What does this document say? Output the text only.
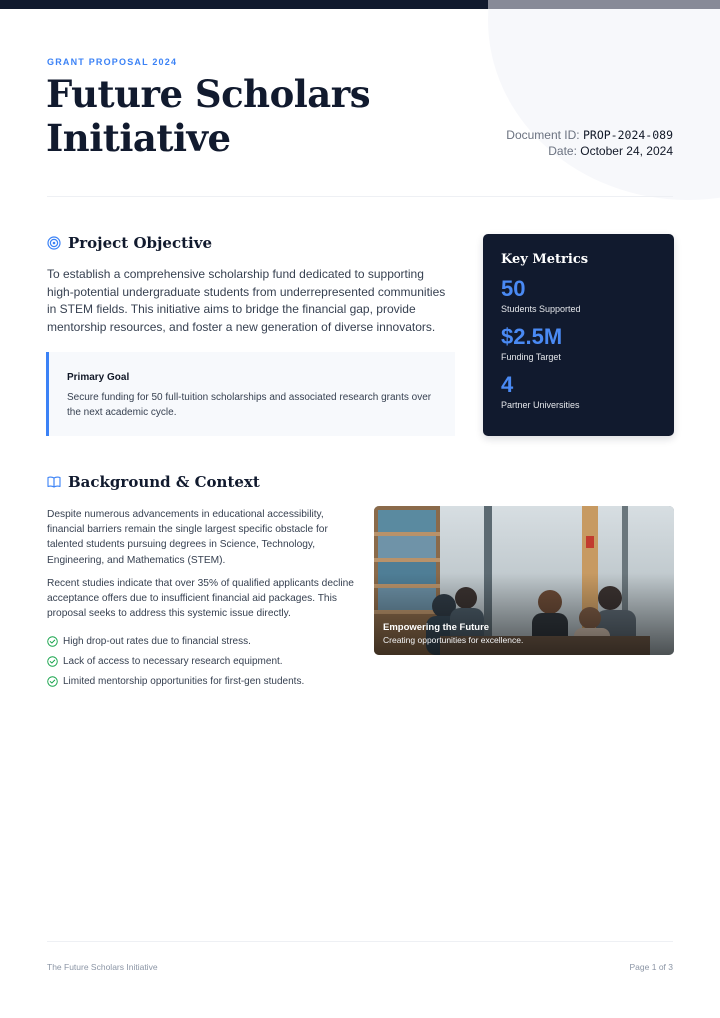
GRANT PROPOSAL 2024
Future Scholars
Initiative	Document ID: PROP-2024-089
Date: October 24, 2024
Project Objective

To establish a comprehensive scholarship fund dedicated to supporting high-potential undergraduate students from underrepresented communities in STEM fields. This initiative aims to bridge the financial gap, provide mentorship resources, and foster a new generation of diverse innovators.

Primary Goal
Secure funding for 50 full-tuition scholarships and associated research grants over the next academic cycle.
Key Metrics
50
Students Supported
$2.5M
Funding Target
4
Partner Universities
Background & Context

Despite numerous advancements in educational accessibility, financial barriers remain the single largest specific obstacle for talented students pursuing degrees in Science, Technology, Engineering, and Mathematics (STEM).

Recent studies indicate that over 35% of qualified applicants decline acceptance offers due to insufficient financial aid packages. This proposal seeks to address this systemic issue directly.

High drop-out rates due to financial stress.
Lack of access to necessary research equipment.
Limited mentorship opportunities for first-gen students.
Empowering the Future
Creating opportunities for excellence.
The Future Scholars Initiative	Page 1 of 3
